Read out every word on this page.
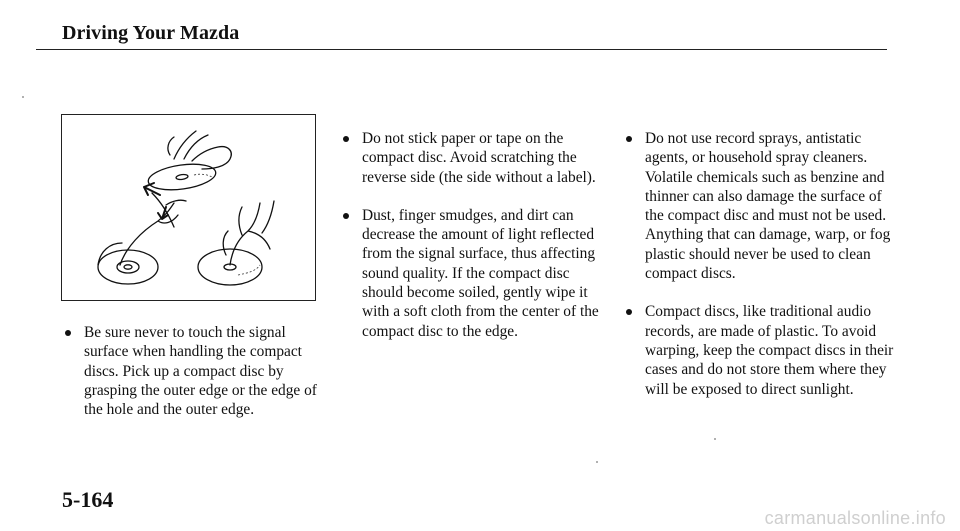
Driving Your Mazda
Be sure never to touch the signal surface when handling the compact discs. Pick up a compact disc by grasping the outer edge or the edge of the hole and the outer edge.
Do not stick paper or tape on the compact disc. Avoid scratching the reverse side (the side without a label).
Dust, finger smudges, and dirt can decrease the amount of light reflected from the signal surface, thus affecting sound quality. If the compact disc should become soiled, gently wipe it with a soft cloth from the center of the compact disc to the edge.
Do not use record sprays, antistatic agents, or household spray cleaners. Volatile chemicals such as benzine and thinner can also damage the surface of the compact disc and must not be used. Anything that can damage, warp, or fog plastic should never be used to clean compact discs.
Compact discs, like traditional audio records, are made of plastic. To avoid warping, keep the compact discs in their cases and do not store them where they will be exposed to direct sunlight.
5-164
carmanualsonline.info
